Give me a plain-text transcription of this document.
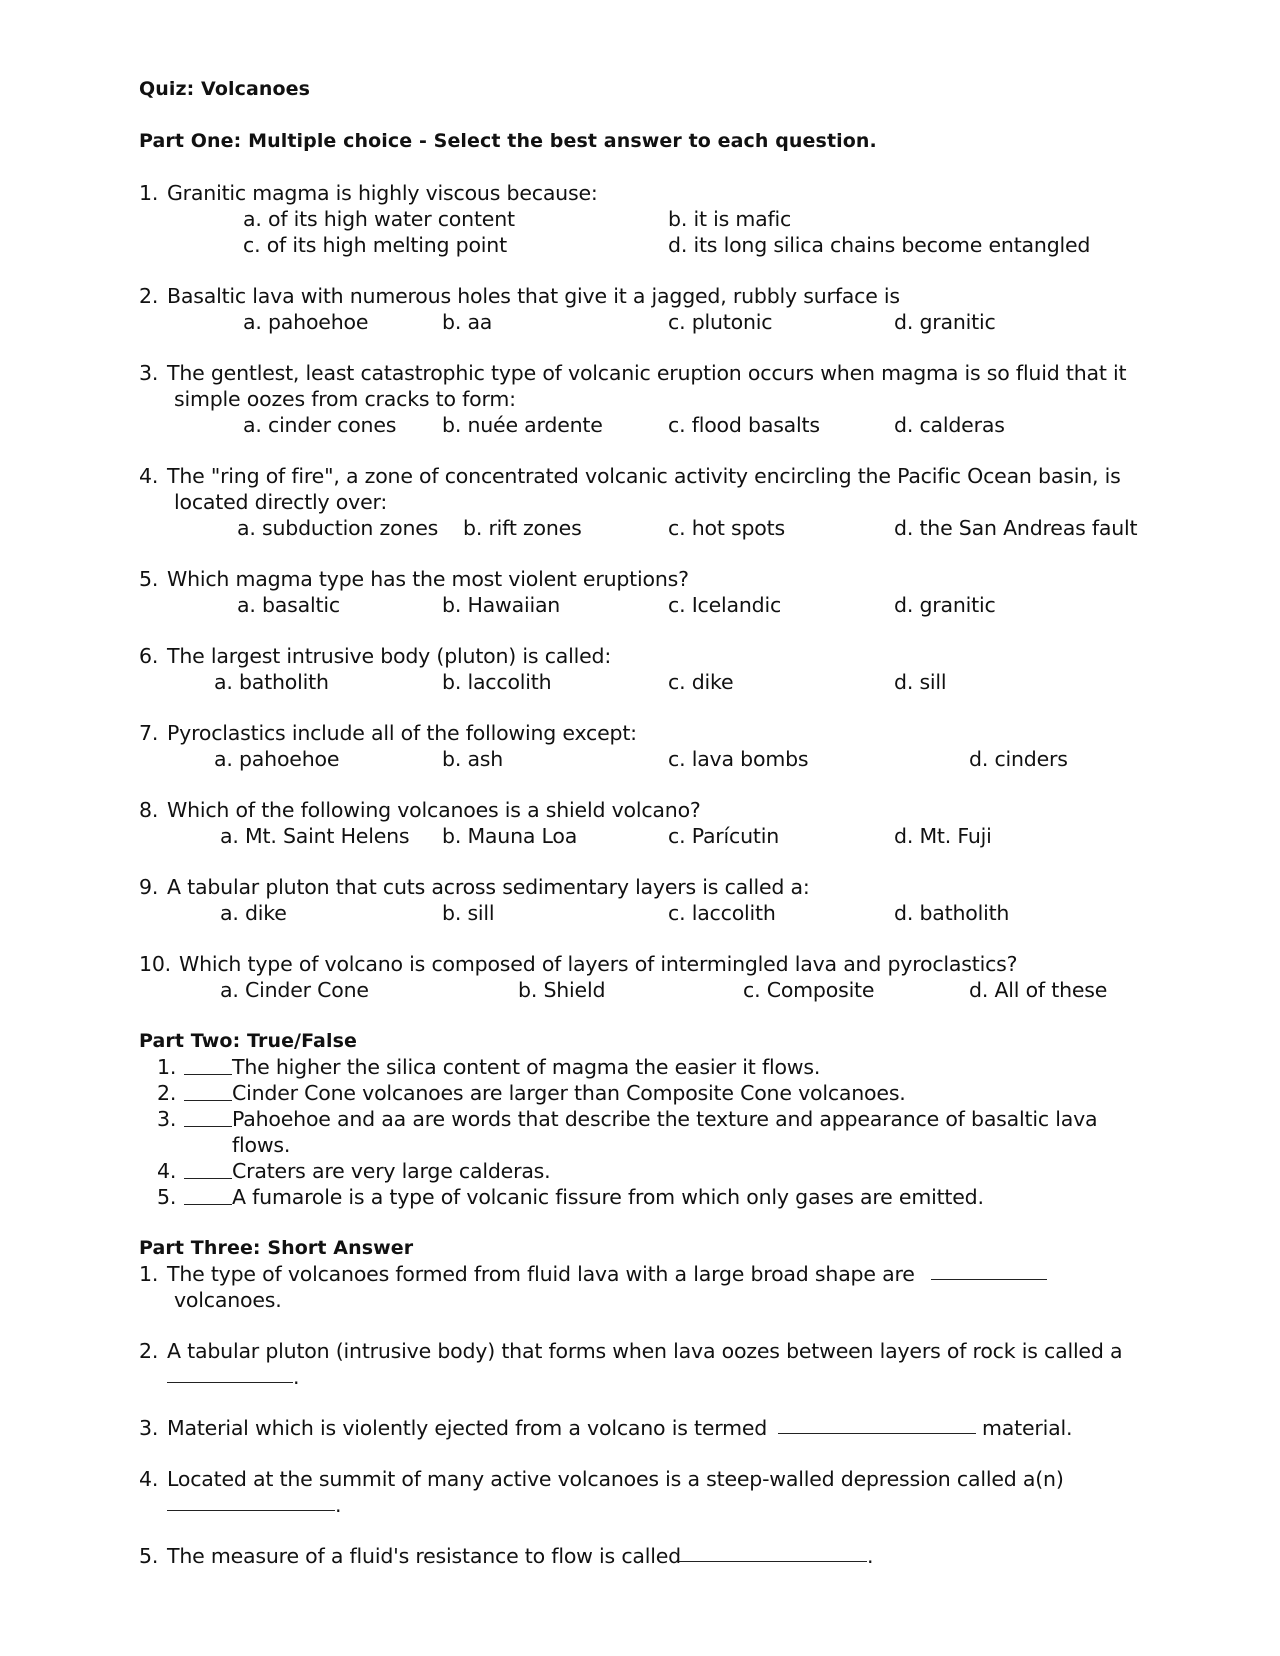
Quiz: Volcanoes
Part One: Multiple choice - Select the best answer to each question.
1. Granitic magma is highly viscous because:
a. of its high water content	b. it is mafic
c. of its high melting point	d. its long silica chains become entangled
2. Basaltic lava with numerous holes that give it a jagged, rubbly surface is
a. pahoehoe	b. aa	c. plutonic	d. granitic
3. The gentlest, least catastrophic type of volcanic eruption occurs when magma is so fluid that it
simple oozes from cracks to form:
a. cinder cones b. nuée ardente	c. flood basalts	d. calderas
4. The "ring of fire", a zone of concentrated volcanic activity encircling the Pacific Ocean basin, is
located directly over:
a. subduction zones b. rift zones	c. hot spots	d. the San Andreas fault
5. Which magma type has the most violent eruptions?
a. basaltic	b. Hawaiian	c. Icelandic	d. granitic
6. The largest intrusive body (pluton) is called:
a. batholith	b. laccolith	c. dike	d. sill
7. Pyroclastics include all of the following except:
a. pahoehoe	b. ash	c. lava bombs	d. cinders
8. Which of the following volcanoes is a shield volcano?
a. Mt. Saint Helens b. Mauna Loa	c. Parícutin	d. Mt. Fuji
9. A tabular pluton that cuts across sedimentary layers is called a:
a. dike	b. sill	c. laccolith	d. batholith
10. Which type of volcano is composed of layers of intermingled lava and pyroclastics?
a. Cinder Cone	b. Shield	c. Composite	d. All of these
Part Two: True/False
1.	The higher the silica content of magma the easier it flows.
2.	Cinder Cone volcanoes are larger than Composite Cone volcanoes.
3.	Pahoehoe and aa are words that describe the texture and appearance of basaltic lava
flows.
4.	Craters are very large calderas.
5.	A fumarole is a type of volcanic fissure from which only gases are emitted.
Part Three: Short Answer
1. The type of volcanoes formed from fluid lava with a large broad shape are
volcanoes.
2. A tabular pluton (intrusive body) that forms when lava oozes between layers of rock is called a
.
3. Material which is violently ejected from a volcano is termed	material.
4. Located at the summit of many active volcanoes is a steep-walled depression called a(n)
.
5. The measure of a fluid's resistance to flow is called	.
